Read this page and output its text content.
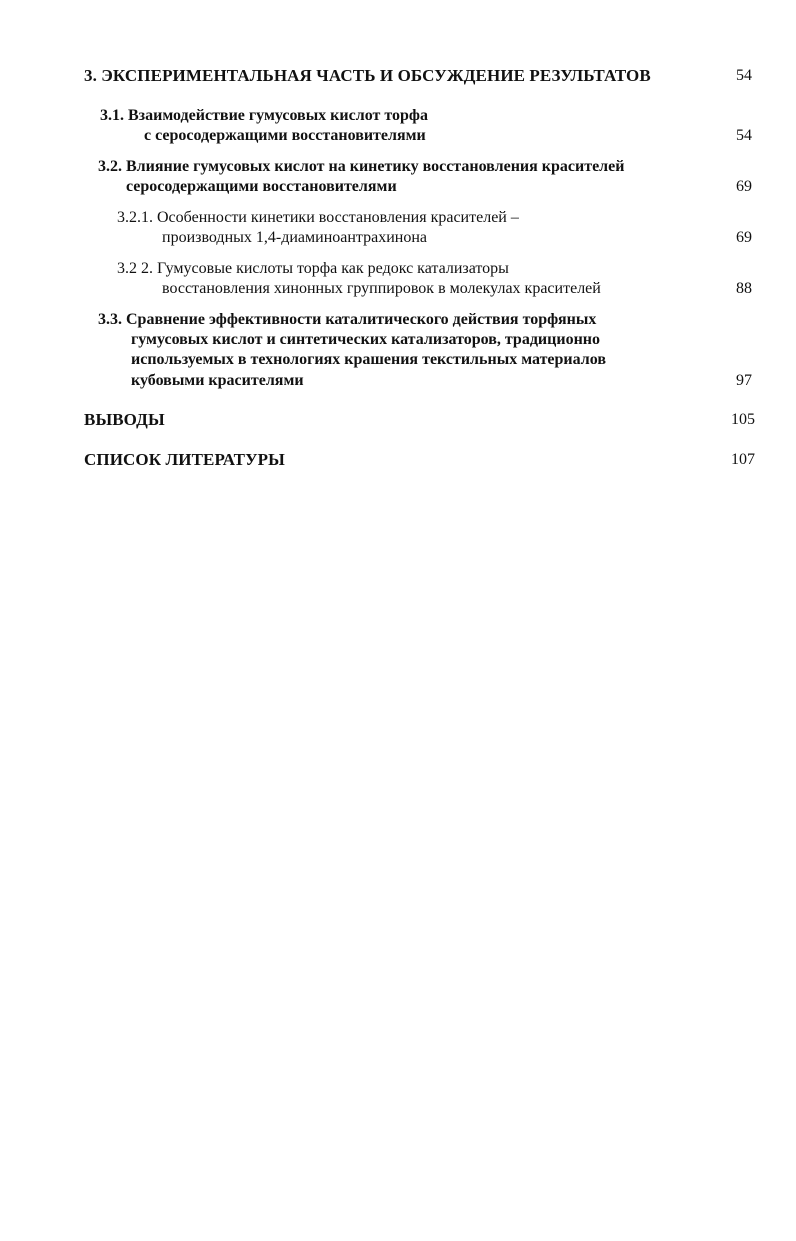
3. ЭКСПЕРИМЕНТАЛЬНАЯ ЧАСТЬ И ОБСУЖДЕНИЕ РЕЗУЛЬТАТОВ	54
3.1. Взаимодействие гумусовых кислот торфа
с серосодержащими восстановителями	54
3.2. Влияние гумусовых кислот на кинетику восстановления красителей
серосодержащими восстановителями	69
3.2.1. Особенности кинетики восстановления красителей –
производных 1,4-диаминоантрахинона	69
3.2 2. Гумусовые кислоты торфа как редокс катализаторы
восстановления хинонных группировок в молекулах красителей	88
3.3. Сравнение эффективности каталитического действия торфяных
гумусовых кислот и синтетических катализаторов, традиционно
используемых в технологиях крашения текстильных материалов
кубовыми красителями	97
ВЫВОДЫ	105
СПИСОК ЛИТЕРАТУРЫ	107
